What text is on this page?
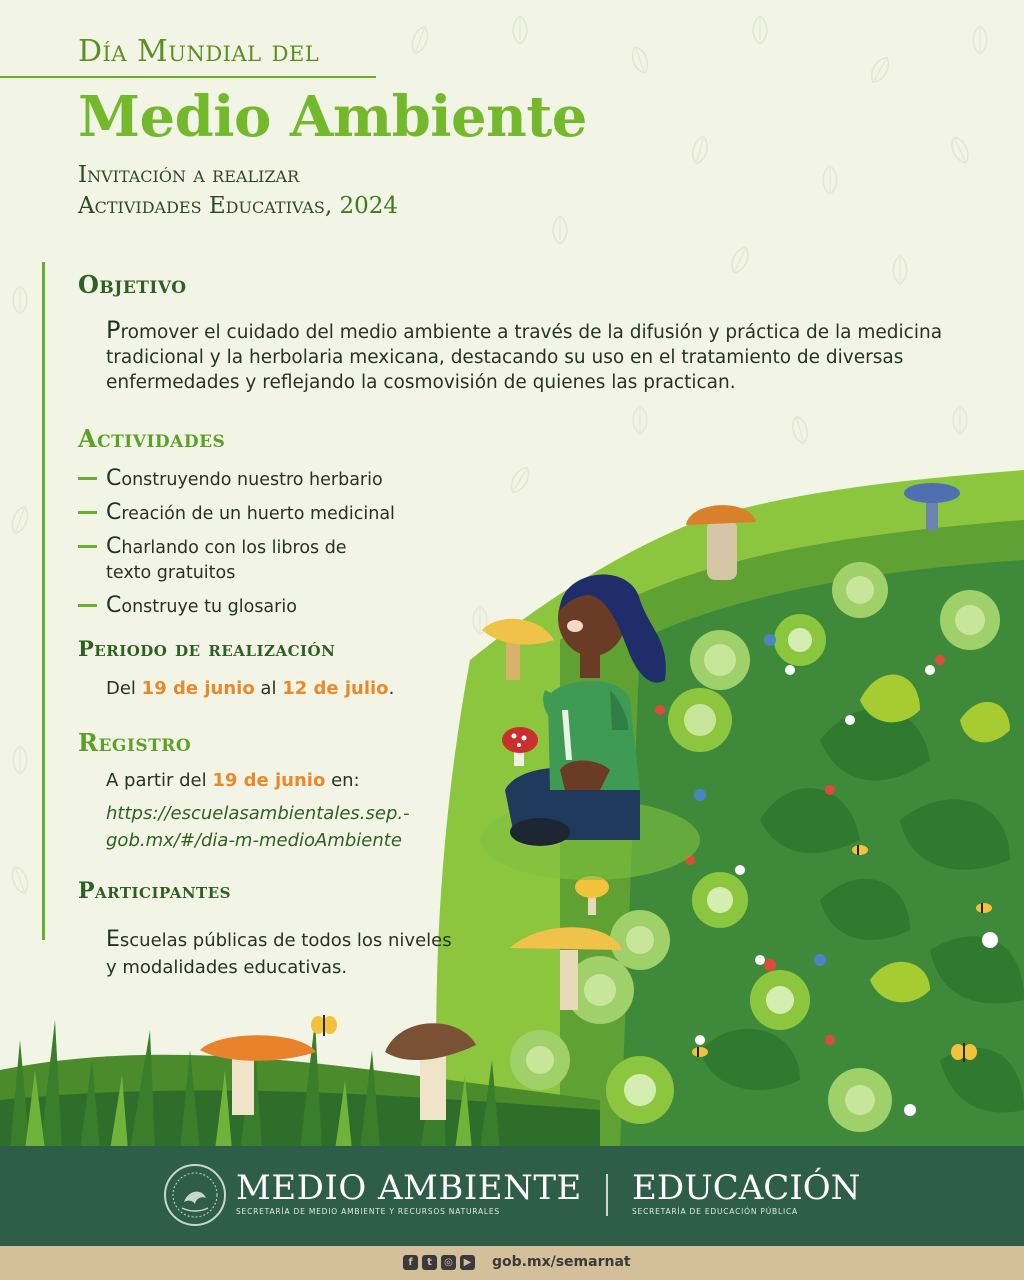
Día Mundial del
Medio Ambiente
Invitación a realizar
Actividades Educativas, 2024
Objetivo
Promover el cuidado del medio ambiente a través de la difusión y práctica de la medicina tradicional y la herbolaria mexicana, destacando su uso en el tratamiento de diversas enfermedades y reflejando la cosmovisión de quienes las practican.
Actividades
Construyendo nuestro herbario
Creación de un huerto medicinal
Charlando con los libros de texto gratuitos
Construye tu glosario
Periodo de realización
Del 19 de junio al 12 de julio.
Registro
A partir del 19 de junio en:
https://escuelasambientales.sep.-gob.mx/#/dia-m-medioAmbiente
Participantes
Escuelas públicas de todos los niveles y modalidades educativas.
MEDIO AMBIENTE
SECRETARÍA DE MEDIO AMBIENTE Y RECURSOS NATURALES
EDUCACIÓN
SECRETARÍA DE EDUCACIÓN PÚBLICA
f	t	◎	▶ gob.mx/semarnat
